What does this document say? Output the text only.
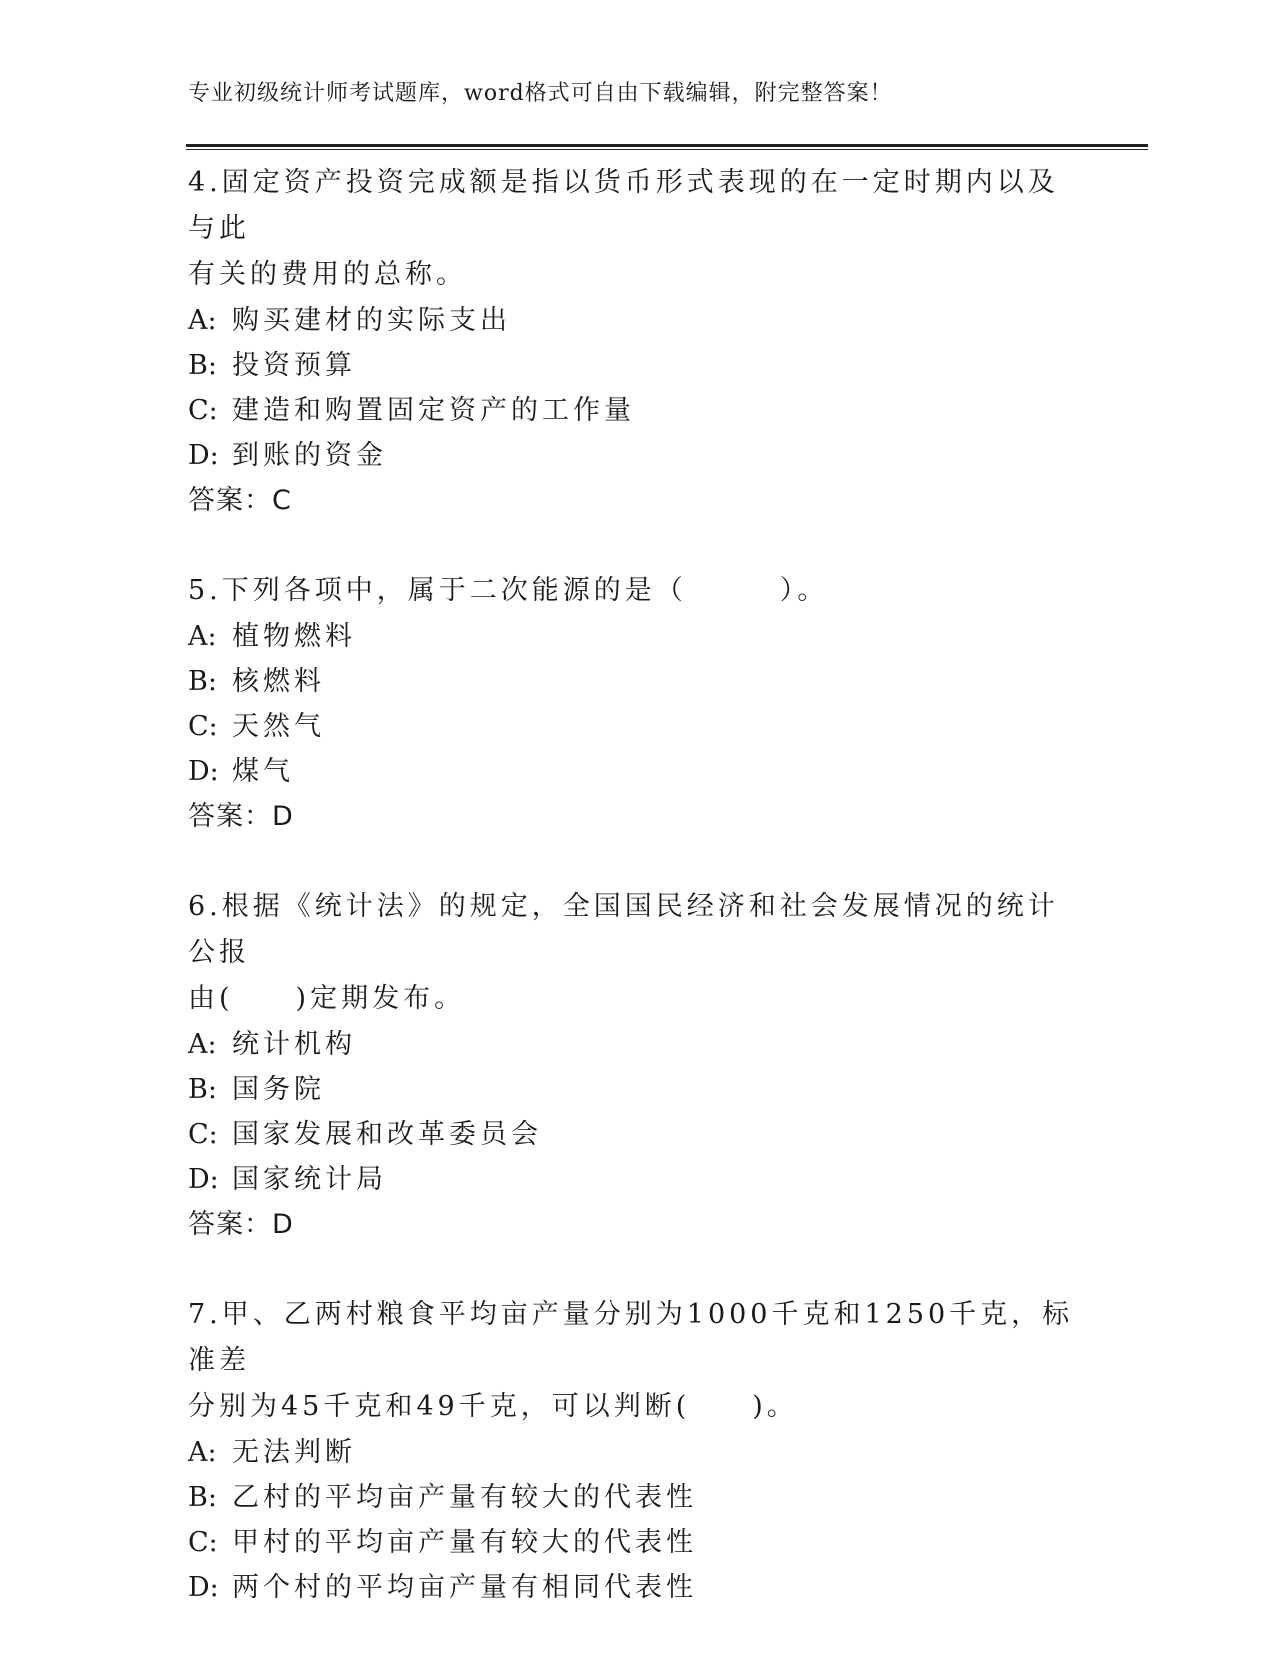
专业初级统计师考试题库，word格式可自由下载编辑，附完整答案！

4.固定资产投资完成额是指以货币形式表现的在一定时期内以及与此

有关的费用的总称。

A: 购买建材的实际支出

B: 投资预算

C: 建造和购置固定资产的工作量

D: 到账的资金

答案：C

5.下列各项中，属于二次能源的是（　　　）。

A: 植物燃料

B: 核燃料

C: 天然气

D: 煤气

答案：D

6.根据《统计法》的规定，全国国民经济和社会发展情况的统计公报

由(　　)定期发布。

A: 统计机构

B: 国务院

C: 国家发展和改革委员会

D: 国家统计局

答案：D

7.甲、乙两村粮食平均亩产量分别为1000千克和1250千克，标准差

分别为45千克和49千克，可以判断(　　)。

A: 无法判断

B: 乙村的平均亩产量有较大的代表性

C: 甲村的平均亩产量有较大的代表性

D: 两个村的平均亩产量有相同代表性
